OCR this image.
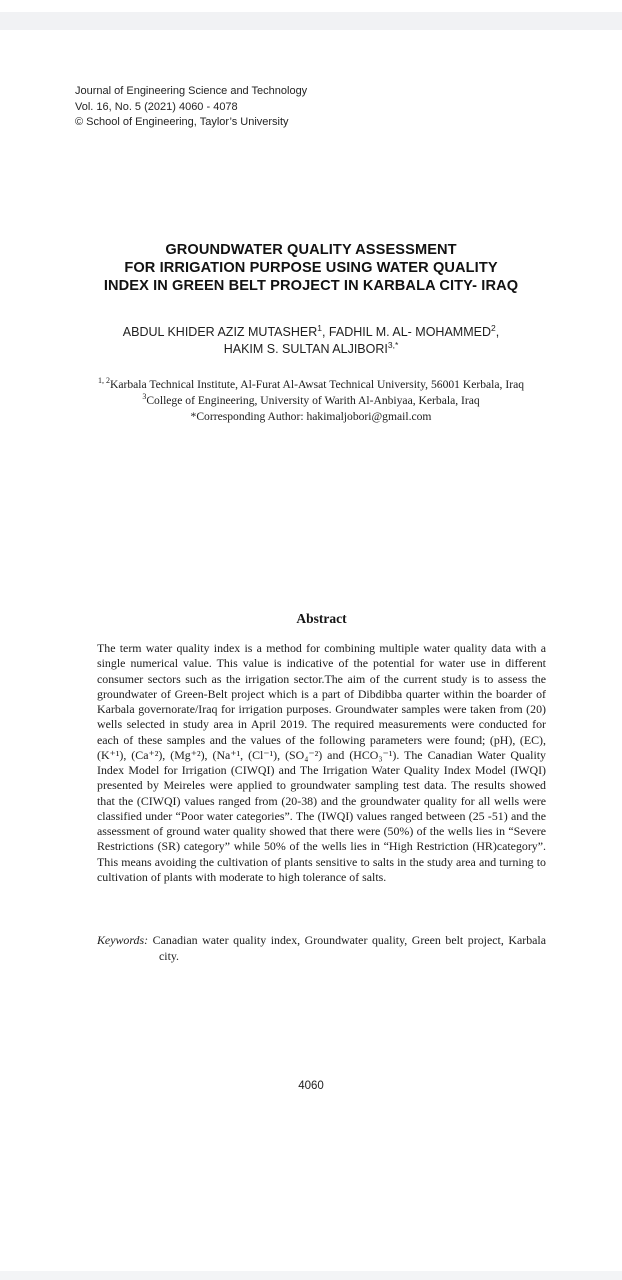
Journal of Engineering Science and Technology
Vol. 16, No. 5 (2021) 4060 - 4078
© School of Engineering, Taylor’s University
GROUNDWATER QUALITY ASSESSMENT
FOR IRRIGATION PURPOSE USING WATER QUALITY
INDEX IN GREEN BELT PROJECT IN KARBALA CITY- IRAQ
ABDUL KHIDER AZIZ MUTASHER$^1$, FADHIL M. AL- MOHAMMED$^2$,
HAKIM S. SULTAN $ALJIBORI^{3,*}$
$^{1, 2}$Karbala Technical Institute, Al-Furat Al-Awsat Technical University, 56001 Kerbala, Iraq
$^3$College of Engineering, University of Warith Al-Anbiyaa, Kerbala, Iraq
*Corresponding Author: hakimaljobori@gmail.com
Abstract

The term water quality index is a method for combining multiple water quality data with a single numerical value. This value is indicative of the potential for water use in different consumer sectors such as the irrigation sector.The aim of the current study is to assess the groundwater of Green-Belt project which is a part of Dibdibba quarter within the boarder of Karbala governorate/Iraq for irrigation purposes. Groundwater samples were taken from (20) wells selected in study area in April 2019. The required measurements were conducted for each of these samples and the values of the following parameters were found; (pH), (EC), (K⁺¹), (Ca⁺²), (Mg⁺²), (Na⁺¹, (Cl⁻¹), (SO₄⁻²) and (HCO₃⁻¹). The Canadian Water Quality Index Model for Irrigation (CIWQI) and The Irrigation Water Quality Index Model (IWQI) presented by Meireles were applied to groundwater sampling test data. The results showed that the (CIWQI) values ranged from (20-38) and the groundwater quality for all wells were classified under “Poor water categories”. The (IWQI) values ranged between (25 -51) and the assessment of ground water quality showed that there were (50%) of the wells lies in “Severe Restrictions (SR) category” while 50% of the wells lies in “High Restriction (HR)category”. This means avoiding the cultivation of plants sensitive to salts in the study area and turning to cultivation of plants with moderate to high tolerance of salts.

Keywords: Canadian water quality index, Groundwater quality, Green belt project, Karbala city.

4060
